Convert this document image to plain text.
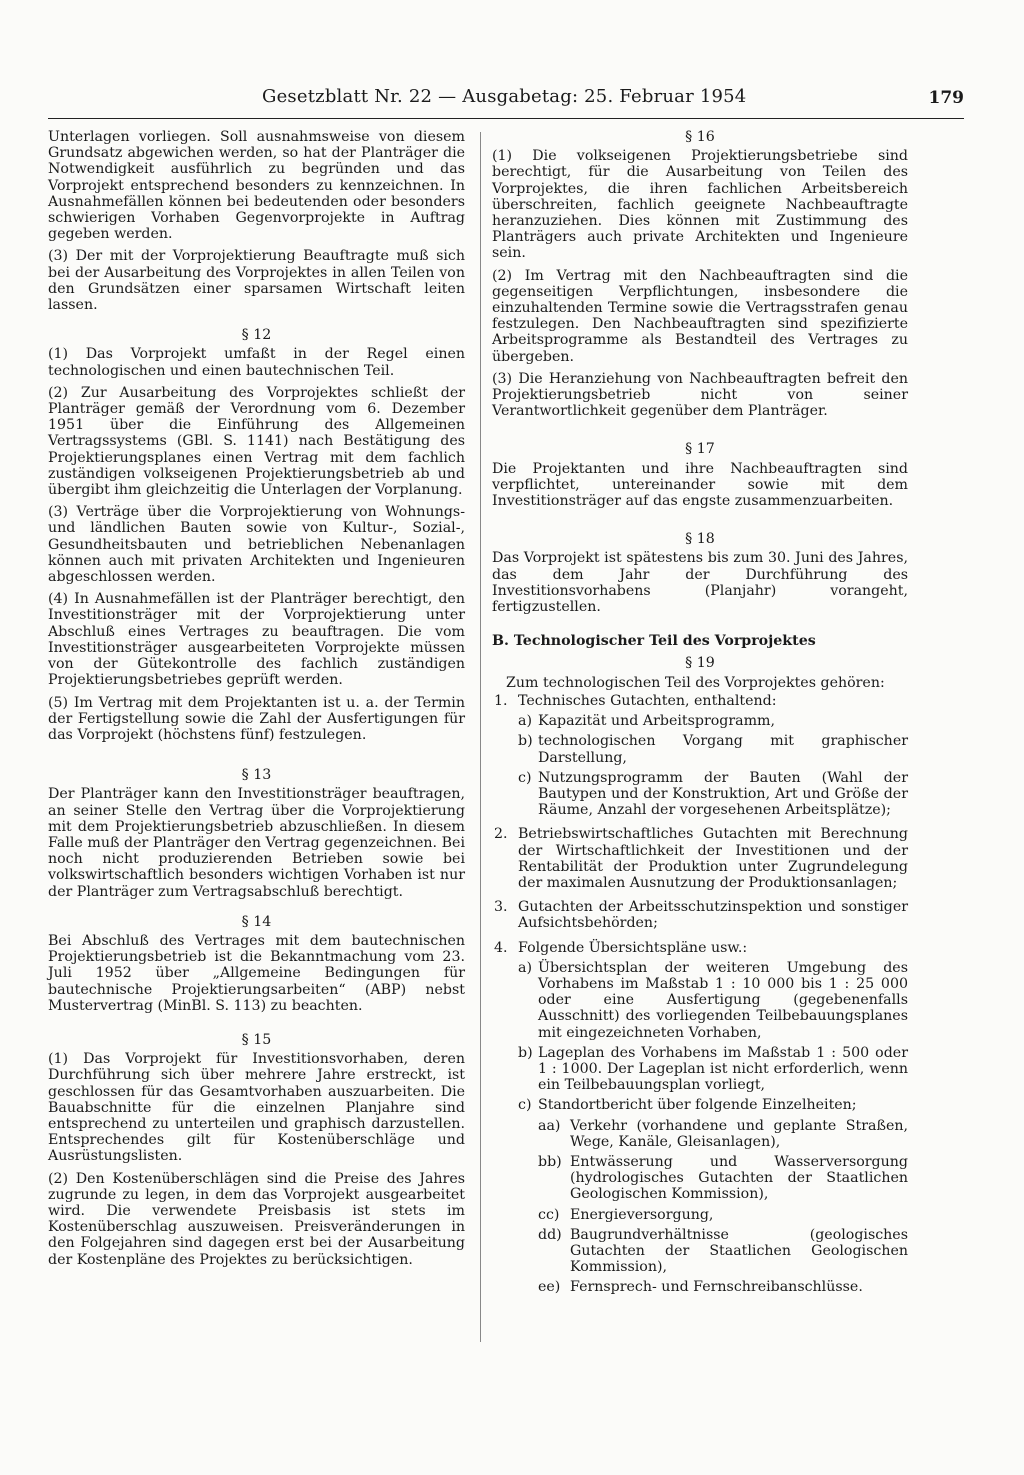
Gesetzblatt Nr. 22 — Ausgabetag: 25. Februar 1954	179

Unterlagen vorliegen. Soll ausnahmsweise von diesem Grundsatz abgewichen werden, so hat der Planträger die Notwendigkeit ausführlich zu begründen und das Vorprojekt entsprechend besonders zu kennzeichnen. In Ausnahmefällen können bei bedeutenden oder besonders schwierigen Vorhaben Gegenvorprojekte in Auftrag gegeben werden.

(3) Der mit der Vorprojektierung Beauftragte muß sich bei der Ausarbeitung des Vorprojektes in allen Teilen von den Grundsätzen einer sparsamen Wirtschaft leiten lassen.

§ 12

(1) Das Vorprojekt umfaßt in der Regel einen technologischen und einen bautechnischen Teil.

(2) Zur Ausarbeitung des Vorprojektes schließt der Planträger gemäß der Verordnung vom 6. Dezember 1951 über die Einführung des Allgemeinen Vertragssystems (GBl. S. 1141) nach Bestätigung des Projektierungsplanes einen Vertrag mit dem fachlich zuständigen volkseigenen Projektierungsbetrieb ab und übergibt ihm gleichzeitig die Unterlagen der Vorplanung.

(3) Verträge über die Vorprojektierung von Wohnungs- und ländlichen Bauten sowie von Kultur-, Sozial-, Gesundheitsbauten und betrieblichen Nebenanlagen können auch mit privaten Architekten und Ingenieuren abgeschlossen werden.

(4) In Ausnahmefällen ist der Planträger berechtigt, den Investitionsträger mit der Vorprojektierung unter Abschluß eines Vertrages zu beauftragen. Die vom Investitionsträger ausgearbeiteten Vorprojekte müssen von der Gütekontrolle des fachlich zuständigen Projektierungsbetriebes geprüft werden.

(5) Im Vertrag mit dem Projektanten ist u. a. der Termin der Fertigstellung sowie die Zahl der Ausfertigungen für das Vorprojekt (höchstens fünf) festzulegen.

§ 13

Der Planträger kann den Investitionsträger beauftragen, an seiner Stelle den Vertrag über die Vorprojektierung mit dem Projektierungsbetrieb abzuschließen. In diesem Falle muß der Planträger den Vertrag gegenzeichnen. Bei noch nicht produzierenden Betrieben sowie bei volkswirtschaftlich besonders wichtigen Vorhaben ist nur der Planträger zum Vertragsabschluß berechtigt.

§ 14

Bei Abschluß des Vertrages mit dem bautechnischen Projektierungsbetrieb ist die Bekanntmachung vom 23. Juli 1952 über „Allgemeine Bedingungen für bautechnische Projektierungsarbeiten“ (ABP) nebst Mustervertrag (MinBl. S. 113) zu beachten.

§ 15

(1) Das Vorprojekt für Investitionsvorhaben, deren Durchführung sich über mehrere Jahre erstreckt, ist geschlossen für das Gesamtvorhaben auszuarbeiten. Die Bauabschnitte für die einzelnen Planjahre sind entsprechend zu unterteilen und graphisch darzustellen. Entsprechendes gilt für Kostenüberschläge und Ausrüstungslisten.

(2) Den Kostenüberschlägen sind die Preise des Jahres zugrunde zu legen, in dem das Vorprojekt ausgearbeitet wird. Die verwendete Preisbasis ist stets im Kostenüberschlag auszuweisen. Preisveränderungen in den Folgejahren sind dagegen erst bei der Ausarbeitung der Kostenpläne des Projektes zu berücksichtigen.

§ 16

(1) Die volkseigenen Projektierungsbetriebe sind berechtigt, für die Ausarbeitung von Teilen des Vorprojektes, die ihren fachlichen Arbeitsbereich überschreiten, fachlich geeignete Nachbeauftragte heranzuziehen. Dies können mit Zustimmung des Planträgers auch private Architekten und Ingenieure sein.

(2) Im Vertrag mit den Nachbeauftragten sind die gegenseitigen Verpflichtungen, insbesondere die einzuhaltenden Termine sowie die Vertragsstrafen genau festzulegen. Den Nachbeauftragten sind spezifizierte Arbeitsprogramme als Bestandteil des Vertrages zu übergeben.

(3) Die Heranziehung von Nachbeauftragten befreit den Projektierungsbetrieb nicht von seiner Verantwortlichkeit gegenüber dem Planträger.

§ 17

Die Projektanten und ihre Nachbeauftragten sind verpflichtet, untereinander sowie mit dem Investitionsträger auf das engste zusammenzuarbeiten.

§ 18

Das Vorprojekt ist spätestens bis zum 30. Juni des Jahres, das dem Jahr der Durchführung des Investitionsvorhabens (Planjahr) vorangeht, fertigzustellen.

B. Technologischer Teil des Vorprojektes
§ 19

Zum technologischen Teil des Vorprojektes gehören:

1. Technisches Gutachten, enthaltend:
a) Kapazität und Arbeitsprogramm,
b) technologischen Vorgang mit graphischer Darstellung,
c) Nutzungsprogramm der Bauten (Wahl der Bautypen und der Konstruktion, Art und Größe der Räume, Anzahl der vorgesehenen Arbeitsplätze);
2. Betriebswirtschaftliches Gutachten mit Berechnung der Wirtschaftlichkeit der Investitionen und der Rentabilität der Produktion unter Zugrundelegung der maximalen Ausnutzung der Produktionsanlagen;
3. Gutachten der Arbeitsschutzinspektion und sonstiger Aufsichtsbehörden;
4. Folgende Übersichtspläne usw.:
a) Übersichtsplan der weiteren Umgebung des Vorhabens im Maßstab 1 : 10 000 bis 1 : 25 000 oder eine Ausfertigung (gegebenenfalls Ausschnitt) des vorliegenden Teilbebauungsplanes mit eingezeichneten Vorhaben,
b) Lageplan des Vorhabens im Maßstab 1 : 500 oder 1 : 1000. Der Lageplan ist nicht erforderlich, wenn ein Teilbebauungsplan vorliegt,
c) Standortbericht über folgende Einzelheiten;
aa) Verkehr (vorhandene und geplante Straßen, Wege, Kanäle, Gleisanlagen),
bb) Entwässerung und Wasserversorgung (hydrologisches Gutachten der Staatlichen Geologischen Kommission),
cc) Energieversorgung,
dd) Baugrundverhältnisse (geologisches Gutachten der Staatlichen Geologischen Kommission),
ee) Fernsprech- und Fernschreibanschlüsse.
